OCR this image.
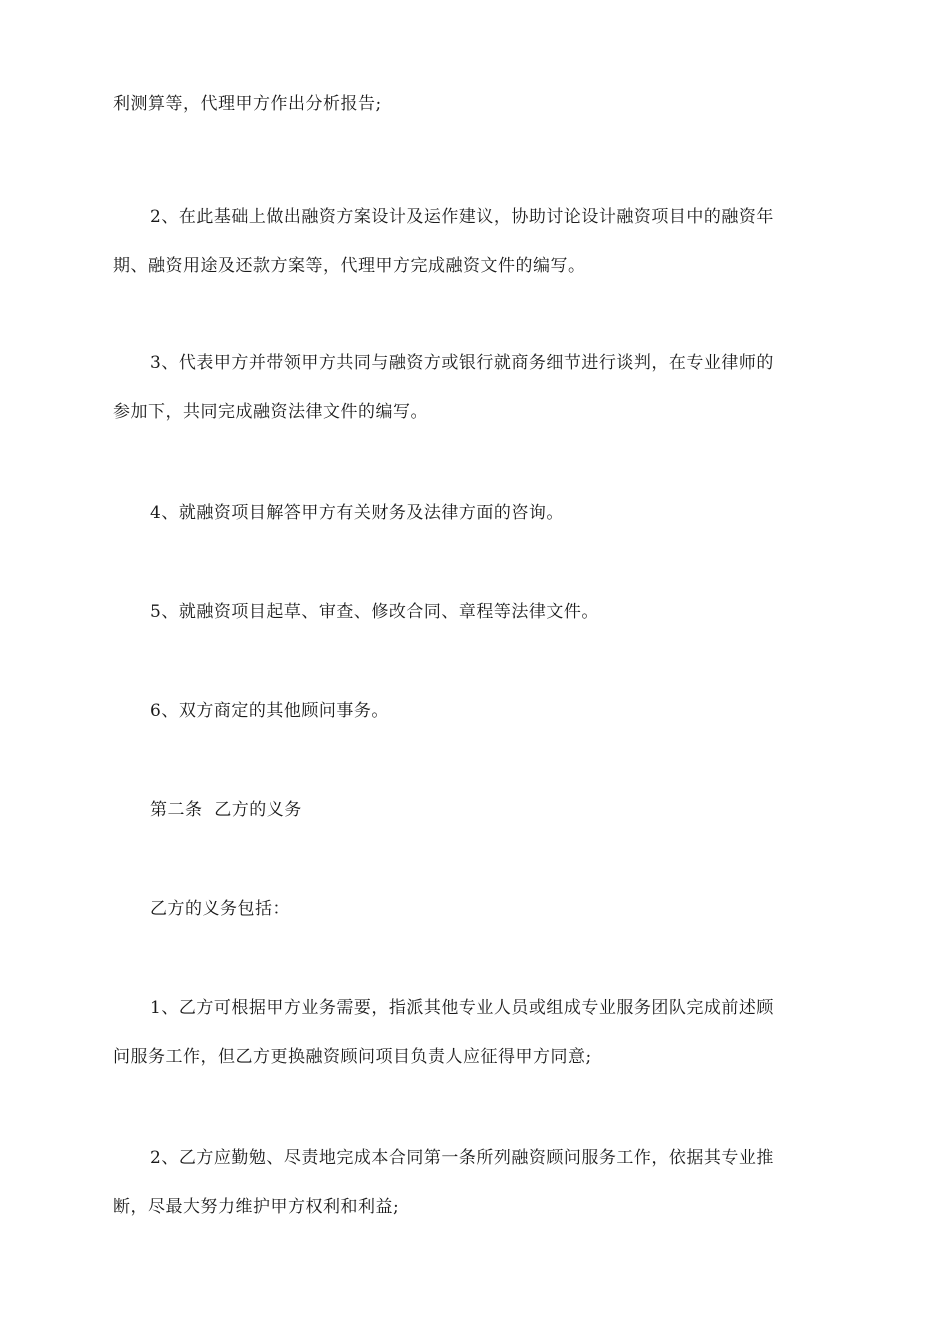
利测算等，代理甲方作出分析报告;

2、在此基础上做出融资方案设计及运作建议，协助讨论设计融资项目中的融资年
期、融资用途及还款方案等，代理甲方完成融资文件的编写。

3、代表甲方并带领甲方共同与融资方或银行就商务细节进行谈判，在专业律师的
参加下，共同完成融资法律文件的编写。

4、就融资项目解答甲方有关财务及法律方面的咨询。

5、就融资项目起草、审查、修改合同、章程等法律文件。

6、双方商定的其他顾问事务。

第二条  乙方的义务

乙方的义务包括：

1、乙方可根据甲方业务需要，指派其他专业人员或组成专业服务团队完成前述顾
问服务工作，但乙方更换融资顾问项目负责人应征得甲方同意;

2、乙方应勤勉、尽责地完成本合同第一条所列融资顾问服务工作，依据其专业推
断，尽最大努力维护甲方权利和利益;
